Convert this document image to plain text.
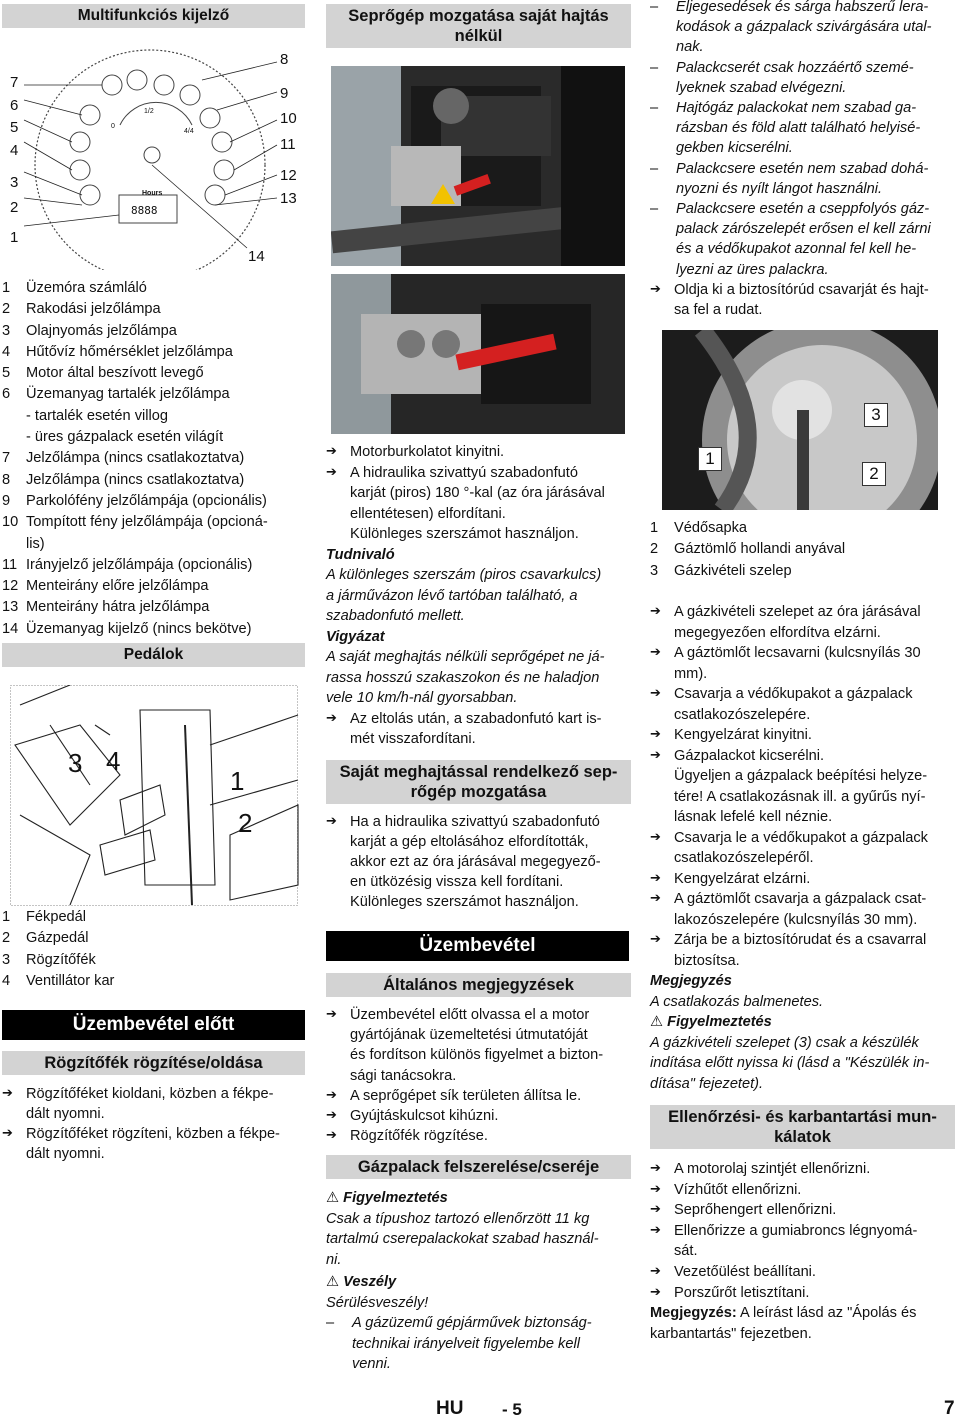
Multifunkciós kijelző
7
6
5
4
3
2
1
8
9
10
11
12
13
14
0
1/2
4/4
Hours
8888
1	Üzemóra számláló
2	Rakodási jelzőlámpa
3	Olajnyomás jelzőlámpa
4	Hűtővíz hőmérséklet jelzőlámpa
5	Motor által beszívott levegő
6	Üzemanyag tartalék jelzőlámpa
- tartalék esetén villog
- üres gázpalack esetén világít
7	Jelzőlámpa (nincs csatlakoztatva)
8	Jelzőlámpa (nincs csatlakoztatva)
9	Parkolófény jelzőlámpája (opcionális)
10 Tompított fény jelzőlámpája (opcioná-
lis)
11 Irányjelző jelzőlámpája (opcionális)
12 Menteirány előre jelzőlámpa
13 Menteirány hátra jelzőlámpa
14 Üzemanyag kijelző (nincs bekötve)
Pedálok
3 4
1
2
1	Fékpedál
2	Gázpedál
3	Rögzítőfék
4	Ventillátor kar
Üzembevétel előtt
Rögzítőfék rögzítése/oldása
➔ Rögzítőféket kioldani, közben a fékpe-
dált nyomni.
➔ Rögzítőféket rögzíteni, közben a fékpe-
dált nyomni.
Seprőgép mozgatása saját hajtás
nélkül
➔ Motorburkolatot kinyitni.
➔ A hidraulika szivattyú szabadonfutó
karját (piros) 180 °-kal (az óra járásával
ellentétesen) elfordítani.
Különleges szerszámot használjon.
Tudnivaló
A különleges szerszám (piros csavarkulcs)
a járművázon lévő tartóban található, a
szabadonfutó mellett.
Vigyázat
A saját meghajtás nélküli seprőgépet ne já-
rassa hosszú szakaszokon és ne haladjon
vele 10 km/h-nál gyorsabban.
➔ Az eltolás után, a szabadonfutó kart is-
mét visszafordítani.
Saját meghajtással rendelkező sep-
rőgép mozgatása
➔ Ha a hidraulika szivattyú szabadonfutó
karját a gép eltolásához elfordították,
akkor ezt az óra járásával megegyező-
en ütközésig vissza kell fordítani.
Különleges szerszámot használjon.
Üzembevétel
Általános megjegyzések
➔ Üzembevétel előtt olvassa el a motor
gyártójának üzemeltetési útmutatóját
és fordítson különös figyelmet a bizton-
sági tanácsokra.
➔ A seprőgépet sík területen állítsa le.
➔ Gyújtáskulcsot kihúzni.
➔ Rögzítőfék rögzítése.
Gázpalack felszerelése/cseréje
⚠ Figyelmeztetés
Csak a típushoz tartozó ellenőrzött 11 kg
tartalmú cserepalackokat szabad használ-
ni.
⚠ Veszély
Sérülésveszély!
–	A gázüzemű gépjárművek biztonság-
technikai irányelveit figyelembe kell
venni.
–	Eljegesedések és sárga habszerű lera-
kodások a gázpalack szivárgására utal-
nak.
–	Palackcserét csak hozzáértő szemé-
lyeknek szabad elvégezni.
–	Hajtógáz palackokat nem szabad ga-
rázsban és föld alatt található helyisé-
gekben kicserélni.
–	Palackcsere esetén nem szabad dohá-
nyozni és nyílt lángot használni.
–	Palackcsere esetén a cseppfolyós gáz-
palack zárószelepét erősen el kell zárni
és a védőkupakot azonnal fel kell he-
lyezni az üres palackra.
➔ Oldja ki a biztosítórúd csavarját és hajt-
sa fel a rudat.
3
1
2
1	Védősapka
2	Gáztömlő hollandi anyával
3	Gázkivételi szelep
➔ A gázkivételi szelepet az óra járásával
megegyezően elfordítva elzárni.
➔ A gáztömlőt lecsavarni (kulcsnyílás 30
mm).
➔ Csavarja a védőkupakot a gázpalack
csatlakozószelepére.
➔ Kengyelzárat kinyitni.
➔ Gázpalackot kicserélni.
Ügyeljen a gázpalack beépítési helyze-
tére! A csatlakozásnak ill. a gyűrűs nyí-
lásnak lefelé kell néznie.
➔ Csavarja le a védőkupakot a gázpalack
csatlakozószelepéről.
➔ Kengyelzárat elzárni.
➔ A gáztömlőt csavarja a gázpalack csat-
lakozószelepére (kulcsnyílás 30 mm).
➔ Zárja be a biztosítórudat és a csavarral
biztosítsa.
Megjegyzés
A csatlakozás balmenetes.
⚠ Figyelmeztetés
A gázkivételi szelepet (3) csak a készülék
indítása előtt nyissa ki (lásd a "Készülék in-
dítása" fejezetet).
Ellenőrzési- és karbantartási mun-
kálatok
➔ A motorolaj szintjét ellenőrizni.
➔ Vízhűtőt ellenőrizni.
➔ Seprőhengert ellenőrizni.
➔ Ellenőrizze a gumiabroncs légnyomá-
sát.
➔ Vezetőülést beállítani.
➔ Porszűrőt letisztítani.
Megjegyzés: A leírást lásd az "Ápolás és
karbantartás" fejezetben.
HU - 5	7
